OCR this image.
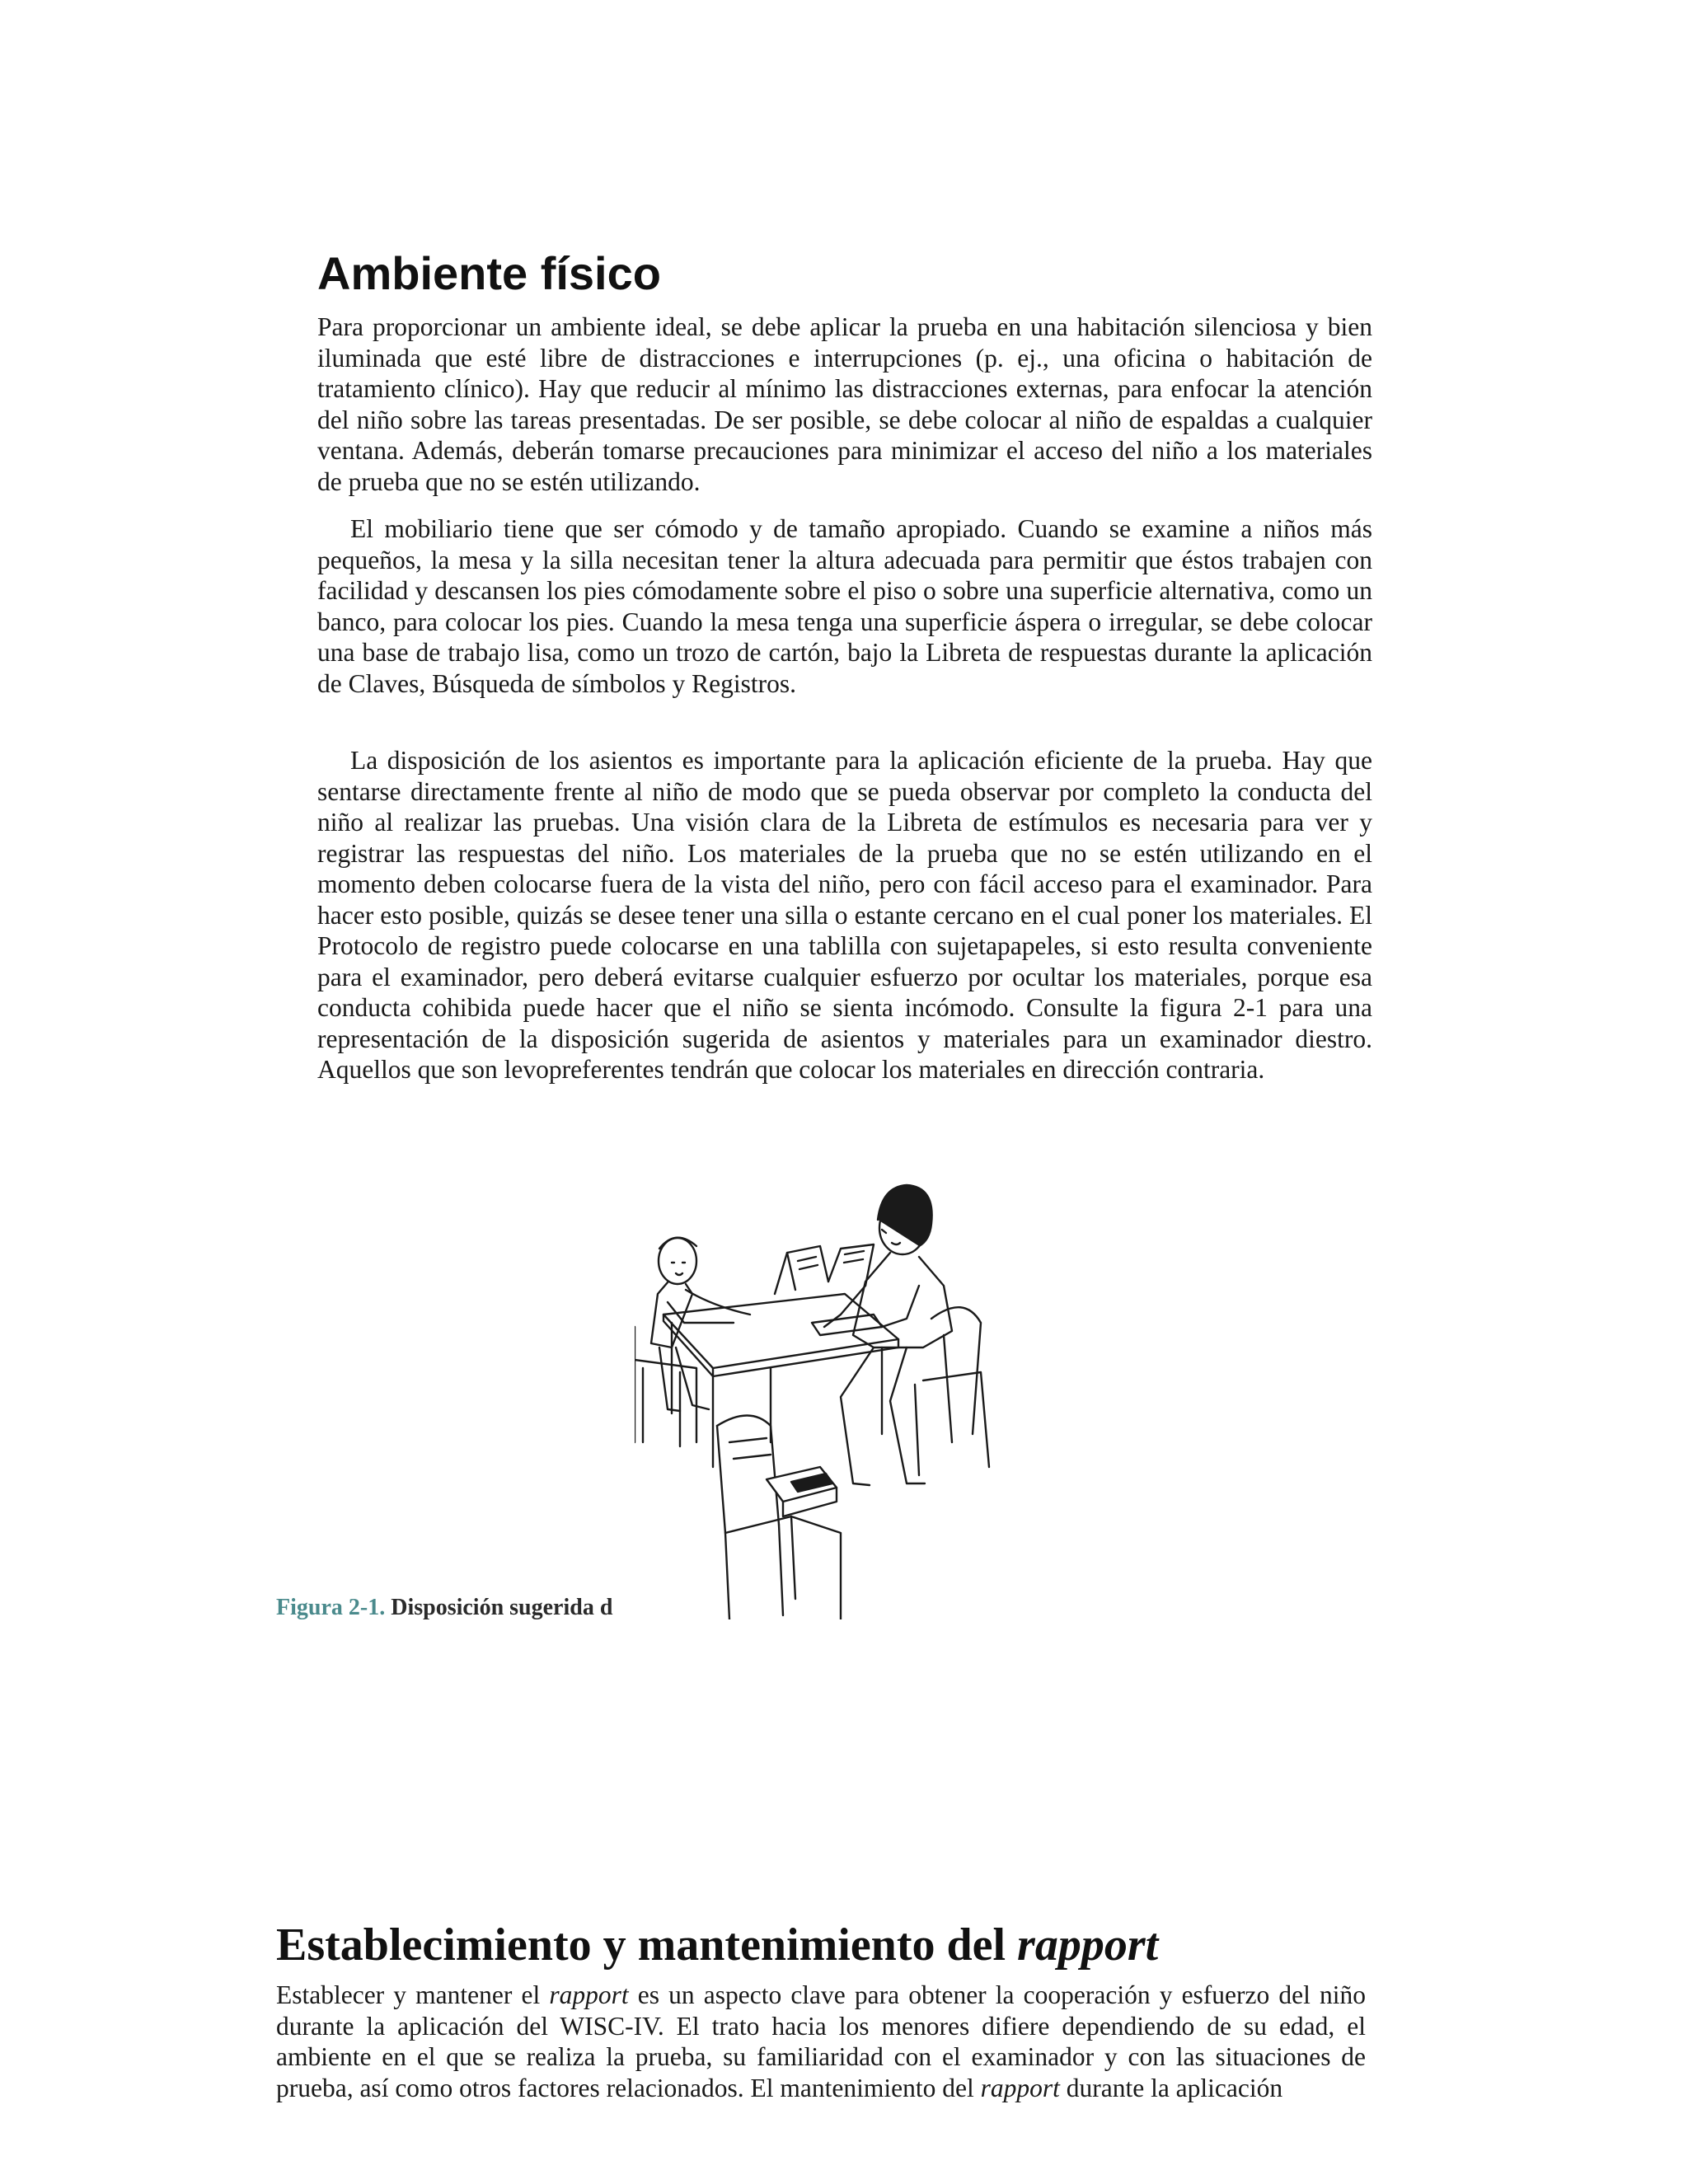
Ambiente físico

Para proporcionar un ambiente ideal, se debe aplicar la prueba en una habitación silenciosa y bien iluminada que esté libre de distracciones e interrupciones (p. ej., una oficina o habitación de tratamiento clínico). Hay que reducir al mínimo las distracciones externas, para enfocar la atención del niño sobre las tareas presentadas. De ser posible, se debe colocar al niño de espaldas a cualquier ventana. Además, deberán tomarse precauciones para minimizar el acceso del niño a los materiales de prueba que no se estén utilizando.

El mobiliario tiene que ser cómodo y de tamaño apropiado. Cuando se examine a niños más pequeños, la mesa y la silla necesitan tener la altura adecuada para permitir que éstos trabajen con facilidad y descansen los pies cómodamente sobre el piso o sobre una superficie alternativa, como un banco, para colocar los pies. Cuando la mesa tenga una superficie áspera o irregular, se debe colocar una base de trabajo lisa, como un trozo de cartón, bajo la Libreta de respuestas durante la aplicación de Claves, Búsqueda de símbolos y Registros.

La disposición de los asientos es importante para la aplicación eficiente de la prueba. Hay que sentarse directamente frente al niño de modo que se pueda observar por completo la conducta del niño al realizar las pruebas. Una visión clara de la Libreta de estímulos es necesaria para ver y registrar las respuestas del niño. Los materiales de la prueba que no se estén utilizando en el momento deben colocarse fuera de la vista del niño, pero con fácil acceso para el examinador. Para hacer esto posible, quizás se desee tener una silla o estante cercano en el cual poner los materiales. El Protocolo de registro puede colocarse en una tablilla con sujetapapeles, si esto resulta conveniente para el examinador, pero deberá evitarse cualquier esfuerzo por ocultar los materiales, porque esa conducta cohibida puede hacer que el niño se sienta incómodo. Consulte la figura 2-1 para una representación de la disposición sugerida de asientos y materiales para un examinador diestro. Aquellos que son levopreferentes tendrán que colocar los materiales en dirección contraria.

Figura 2-1. Disposición sugerida d
Establecimiento y mantenimiento del rapport

Establecer y mantener el rapport es un aspecto clave para obtener la cooperación y esfuerzo del niño durante la aplicación del WISC-IV. El trato hacia los menores difiere dependiendo de su edad, el ambiente en el que se realiza la prueba, su familiaridad con el examinador y con las situaciones de prueba, así como otros factores relacionados. El mantenimiento del rapport durante la aplicación
